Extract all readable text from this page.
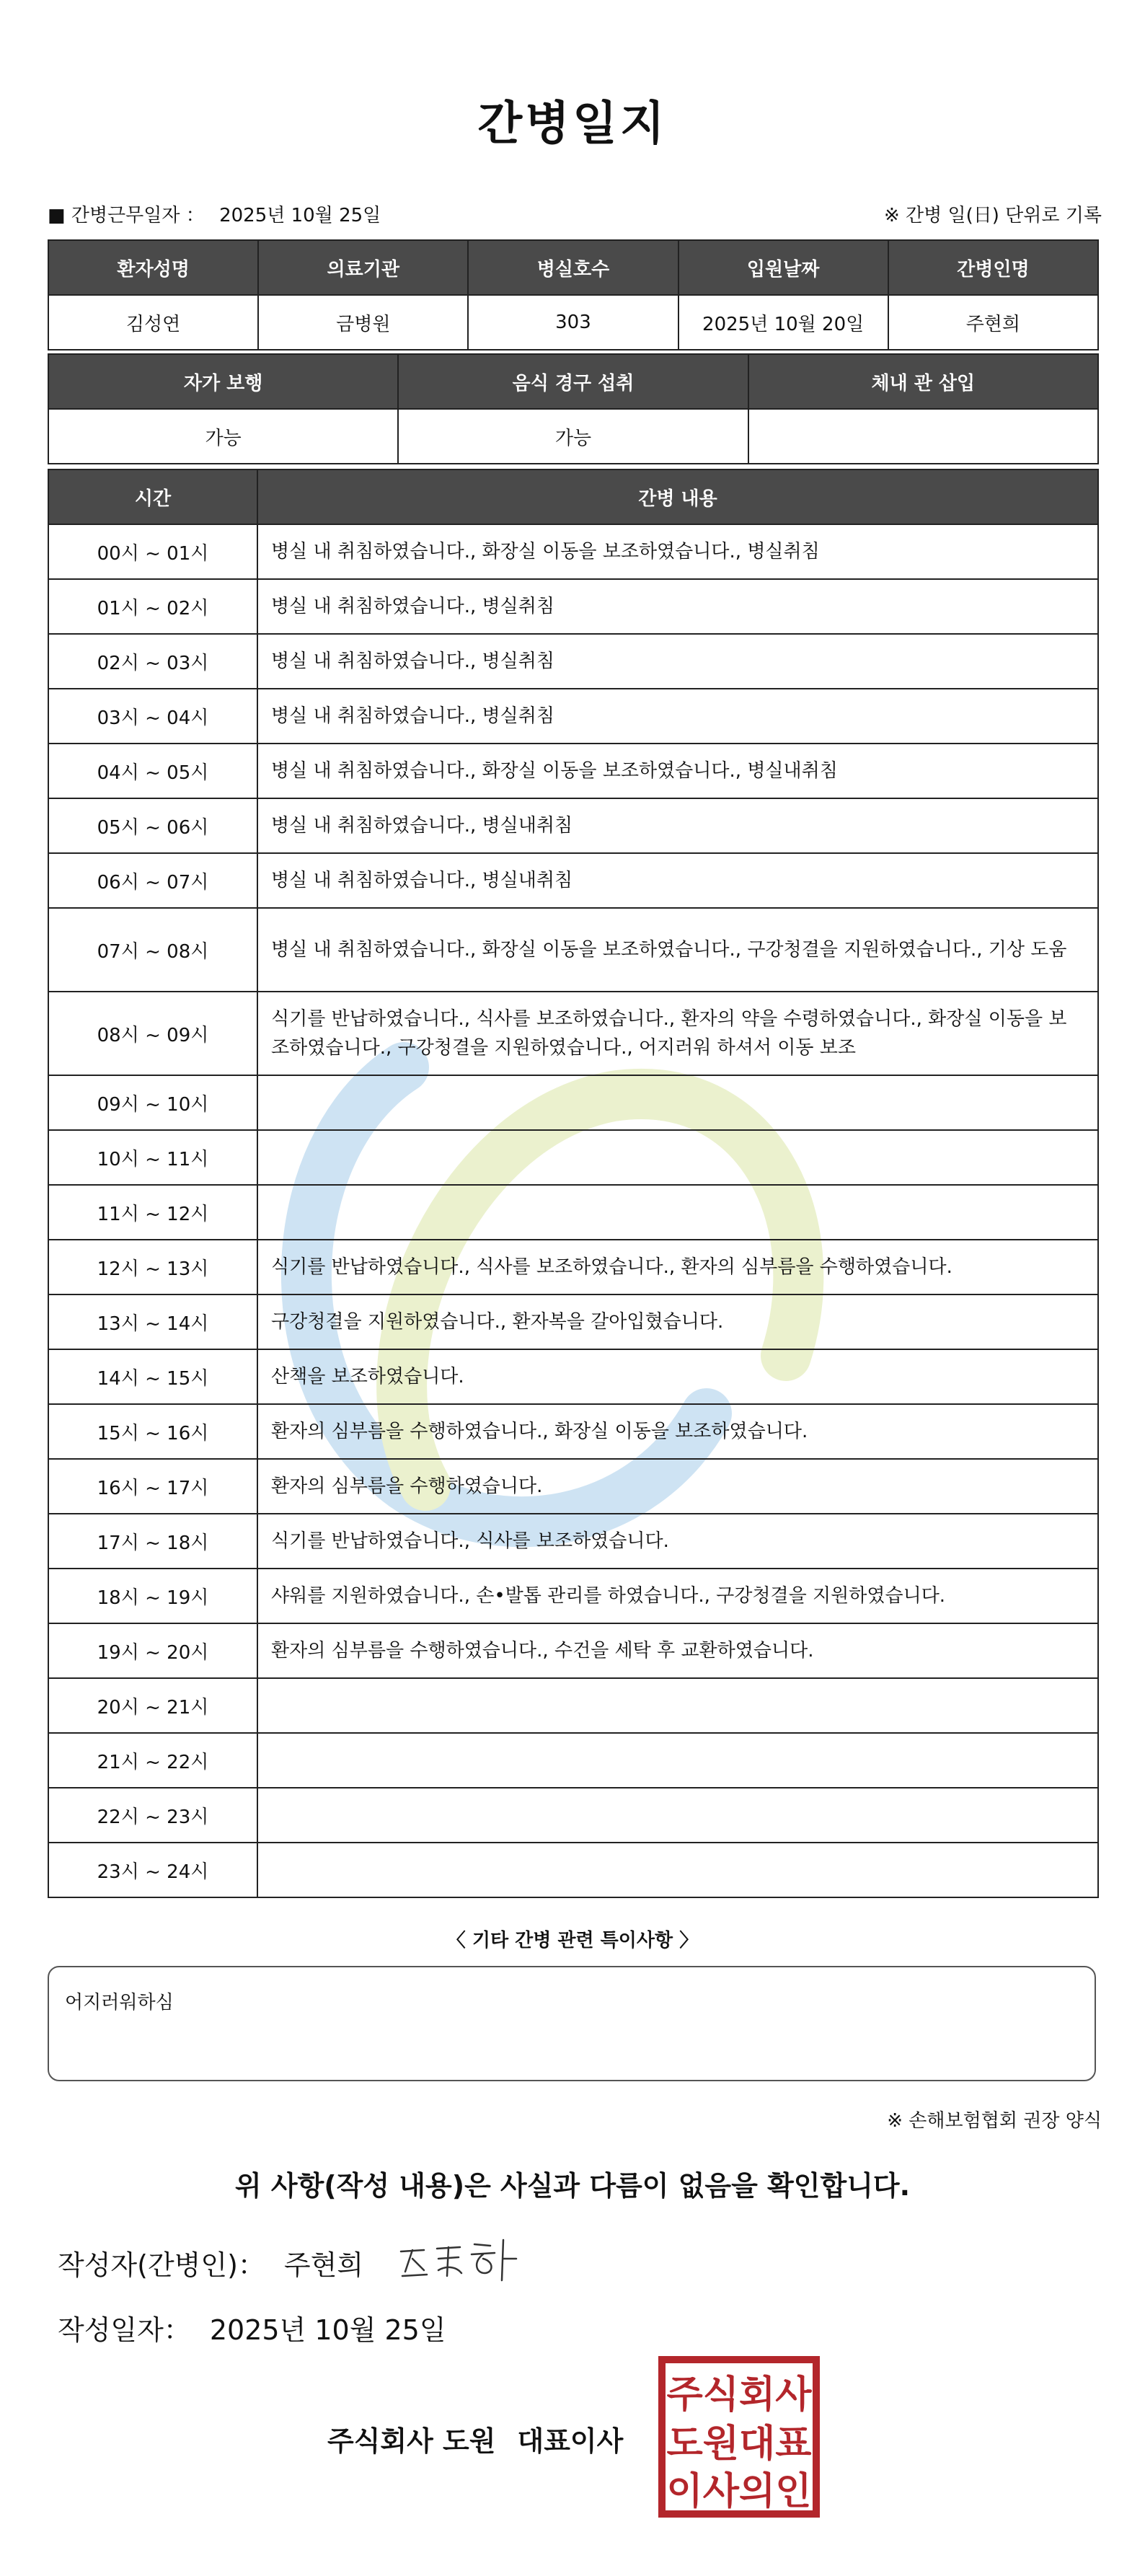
간병일지
■ 간병근무일자 ： 2025년 10월 25일	※ 간병 일(日) 단위로 기록
환자성명	의료기관	병실호수	입원날짜	간병인명
김성연	금병원	303	2025년 10월 20일	주현희
자가 보행	음식 경구 섭취	체내 관 삽입
가능	가능	
시간	간병 내용
00시 ~ 01시	병실 내 취침하였습니다., 화장실 이동을 보조하였습니다., 병실취침
01시 ~ 02시	병실 내 취침하였습니다., 병실취침
02시 ~ 03시	병실 내 취침하였습니다., 병실취침
03시 ~ 04시	병실 내 취침하였습니다., 병실취침
04시 ~ 05시	병실 내 취침하였습니다., 화장실 이동을 보조하였습니다., 병실내취침
05시 ~ 06시	병실 내 취침하였습니다., 병실내취침
06시 ~ 07시	병실 내 취침하였습니다., 병실내취침
07시 ~ 08시	병실 내 취침하였습니다., 화장실 이동을 보조하였습니다., 구강청결을 지원하였습니다., 기상 도움
08시 ~ 09시	식기를 반납하였습니다., 식사를 보조하였습니다., 환자의 약을 수령하였습니다., 화장실 이동을 보조하였습니다., 구강청결을 지원하였습니다., 어지러워 하셔서 이동 보조
09시 ~ 10시	
10시 ~ 11시	
11시 ~ 12시	
12시 ~ 13시	식기를 반납하였습니다., 식사를 보조하였습니다., 환자의 심부름을 수행하였습니다.
13시 ~ 14시	구강청결을 지원하였습니다., 환자복을 갈아입혔습니다.
14시 ~ 15시	산책을 보조하였습니다.
15시 ~ 16시	환자의 심부름을 수행하였습니다., 화장실 이동을 보조하였습니다.
16시 ~ 17시	환자의 심부름을 수행하였습니다.
17시 ~ 18시	식기를 반납하였습니다., 식사를 보조하였습니다.
18시 ~ 19시	샤워를 지원하였습니다., 손•발톱 관리를 하였습니다., 구강청결을 지원하였습니다.
19시 ~ 20시	환자의 심부름을 수행하였습니다., 수건을 세탁 후 교환하였습니다.
20시 ~ 21시	
21시 ~ 22시	
22시 ~ 23시	
23시 ~ 24시	
〈 기타 간병 관련 특이사항 〉
어지러워하심
※ 손해보험협회 권장 양식
위 사항(작성 내용)은 사실과 다름이 없음을 확인합니다.
작성자(간병인)： 주현희
작성일자： 2025년 10월 25일
주식회사 도원 대표이사
주식회사
도원대표
이사의인
